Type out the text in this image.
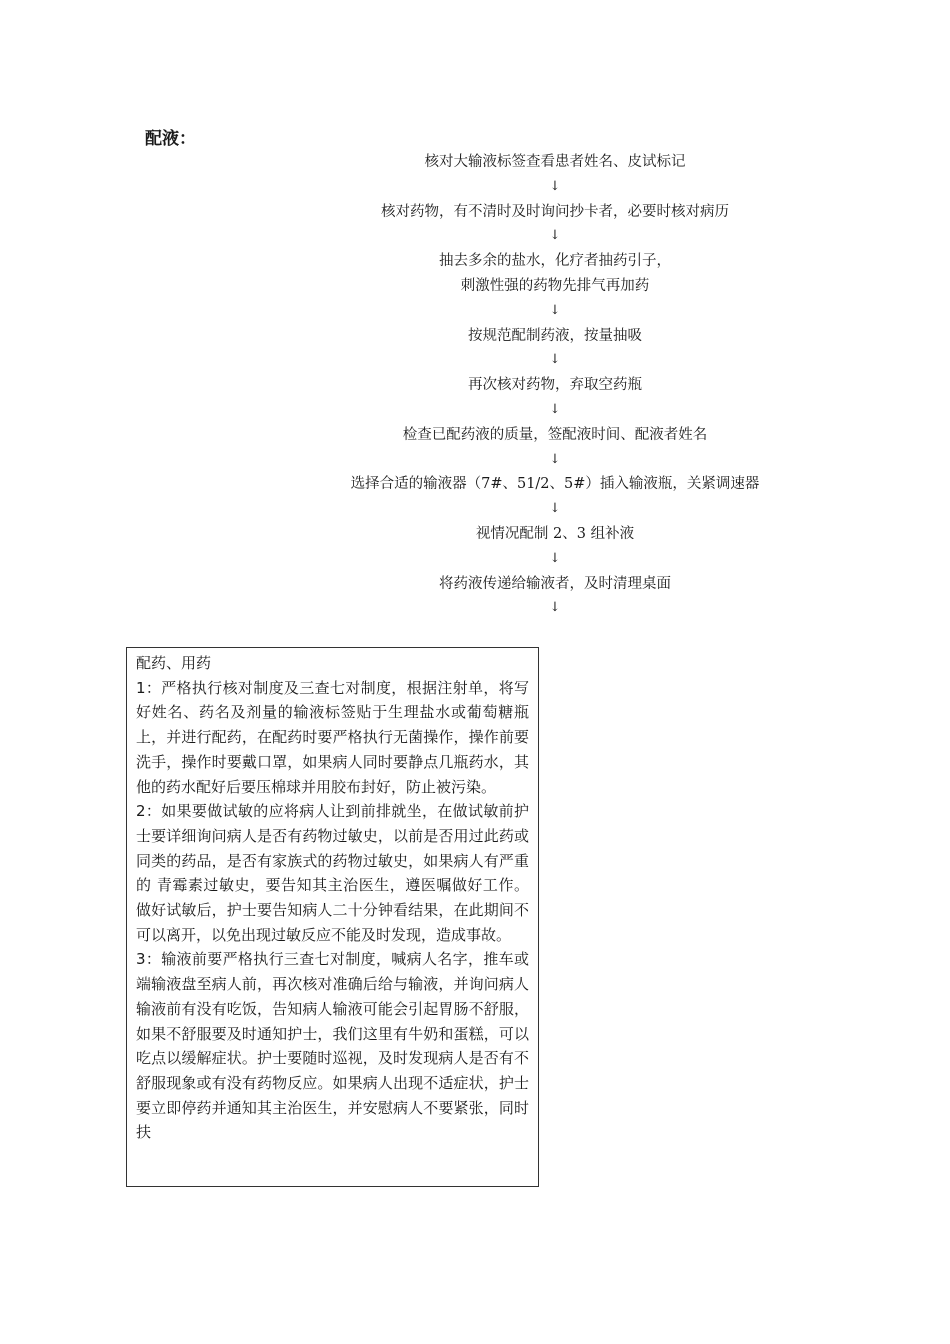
配液：
核对大输液标签查看患者姓名、皮试标记
↓
核对药物，有不清时及时询问抄卡者，必要时核对病历
↓
抽去多余的盐水，化疗者抽药引子，
刺激性强的药物先排气再加药
↓
按规范配制药液，按量抽吸
↓
再次核对药物，弃取空药瓶
↓
检查已配药液的质量，签配液时间、配液者姓名
↓
选择合适的输液器（7#、51/2、5#）插入输液瓶，关紧调速器
↓
视情况配制 2、3 组补液
↓
将药液传递给输液者，及时清理桌面
↓

配药、用药

1：严格执行核对制度及三查七对制度，根据注射单，将写好姓名、药名及剂量的输液标签贴于生理盐水或葡萄糖瓶上，并进行配药，在配药时要严格执行无菌操作，操作前要洗手，操作时要戴口罩，如果病人同时要静点几瓶药水，其他的药水配好后要压棉球并用胶布封好，防止被污染。

2：如果要做试敏的应将病人让到前排就坐，在做试敏前护士要详细询问病人是否有药物过敏史，以前是否用过此药或同类的药品，是否有家族式的药物过敏史，如果病人有严重的 青霉素过敏史，要告知其主治医生，遵医嘱做好工作。做好试敏后，护士要告知病人二十分钟看结果，在此期间不可以离开，以免出现过敏反应不能及时发现，造成事故。

3：输液前要严格执行三查七对制度，喊病人名字，推车或端输液盘至病人前，再次核对准确后给与输液，并询问病人输液前有没有吃饭，告知病人输液可能会引起胃肠不舒服，如果不舒服要及时通知护士，我们这里有牛奶和蛋糕，可以吃点以缓解症状。护士要随时巡视，及时发现病人是否有不舒服现象或有没有药物反应。如果病人出现不适症状，护士要立即停药并通知其主治医生，并安慰病人不要紧张，同时扶
